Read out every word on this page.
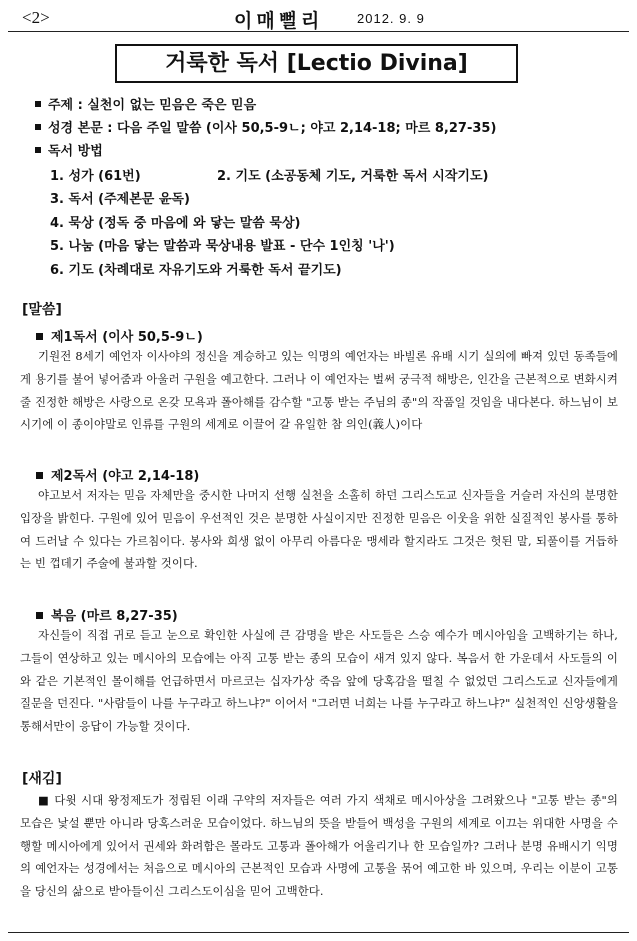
<2>	이매뻘리	2012. 9. 9
거룩한 독서 [Lectio Divina]
주제 : 실천이 없는 믿음은 죽은 믿음
성경 본문 : 다음 주일 말씀 (이사 50,5-9ㄴ; 야고 2,14-18; 마르 8,27-35)
독서 방법
1. 성가 (61번)	2. 기도 (소공동체 기도, 거룩한 독서 시작기도)
3. 독서 (주제본문 윤독)
4. 묵상 (정독 중 마음에 와 닿는 말씀 묵상)
5. 나눔 (마음 닿는 말씀과 묵상내용 발표 - 단수 1인칭 '나')
6. 기도 (차례대로 자유기도와 거룩한 독서 끝기도)
[말씀]
제1독서 (이사 50,5-9ㄴ)
기원전 8세기 예언자 이사야의 정신을 계승하고 있는 익명의 예언자는 바빌론 유배 시기 실의에 빠져 있던 동족들에게 용기를 불어 넣어줌과 아울러 구원을 예고한다. 그러나 이 예언자는 벌써 궁극적 해방은, 인간을 근본적으로 변화시켜 줄 진정한 해방은 사랑으로 온갖 모욕과 폴아해를 감수할 "고통 받는 주님의 종"의 작품일 것임을 내다본다. 하느님이 보시기에 이 종이야말로 인류를 구원의 세계로 이끌어 갈 유일한 참 의인(義人)이다
제2독서 (야고 2,14-18)
야고보서 저자는 믿음 자체만을 중시한 나머지 선행 실천을 소홀히 하던 그리스도교 신자들을 거슬러 자신의 분명한 입장을 밝힌다. 구원에 있어 믿음이 우선적인 것은 분명한 사실이지만 진정한 믿음은 이웃을 위한 실질적인 봉사를 통하여 드러날 수 있다는 가르침이다. 봉사와 희생 없이 아무리 아름다운 맹세라 할지라도 그것은 헛된 말, 되풀이를 거듭하는 빈 껍데기 주술에 불과할 것이다.
복음 (마르 8,27-35)
자신들이 직접 귀로 듣고 눈으로 확인한 사실에 큰 감명을 받은 사도들은 스승 예수가 메시아임을 고백하기는 하나, 그들이 연상하고 있는 메시아의 모습에는 아직 고통 받는 종의 모습이 새겨 있지 않다. 복음서 한 가운데서 사도들의 이와 같은 기본적인 몰이해를 언급하면서 마르코는 십자가상 죽음 앞에 당혹감을 떨칠 수 없었던 그리스도교 신자들에게 질문을 던진다. "사람들이 나를 누구라고 하느냐?" 이어서 "그러면 너희는 나를 누구라고 하느냐?" 실천적인 신앙생활을 통해서만이 응답이 가능할 것이다.
[새김]
■ 다윗 시대 왕정제도가 정립된 이래 구약의 저자들은 여러 가지 색채로 메시아상을 그려왔으나 "고통 받는 종"의 모습은 낯설 뿐만 아니라 당혹스러운 모습이었다. 하느님의 뜻을 받들어 백성을 구원의 세계로 이끄는 위대한 사명을 수행할 메시아에게 있어서 권세와 화려함은 몰라도 고통과 폴아해가 어울리기나 한 모습일까? 그러나 분명 유배시기 익명의 예언자는 성경에서는 처음으로 메시아의 근본적인 모습과 사명에 고통을 묶어 예고한 바 있으며, 우리는 이분이 고통을 당신의 삶으로 받아들이신 그리스도이심을 믿어 고백한다.
